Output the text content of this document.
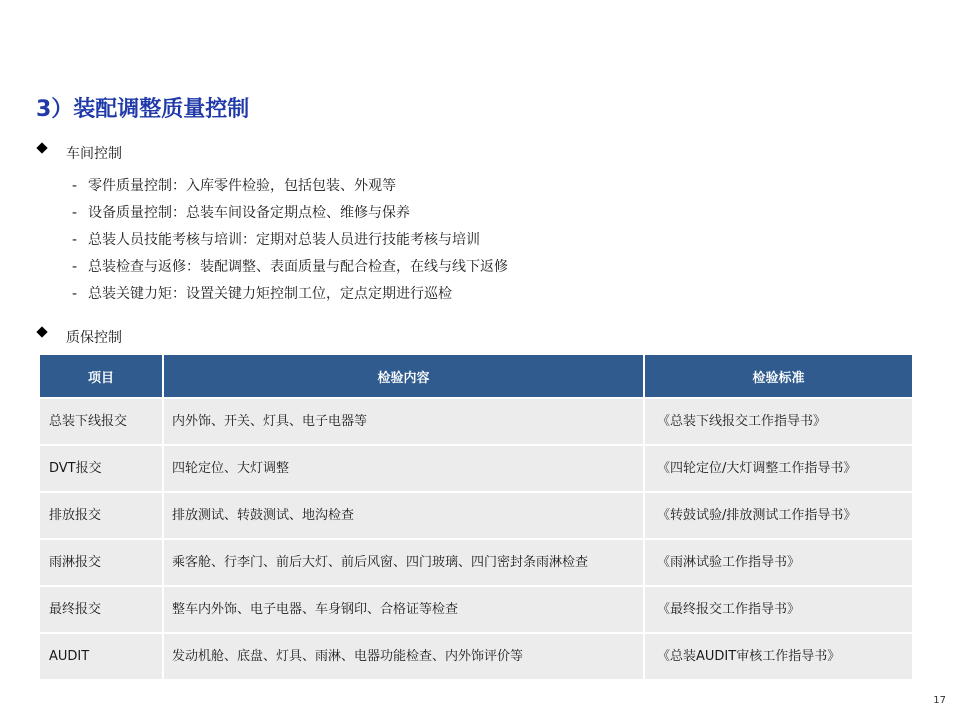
3）装配调整质量控制
车间控制
- 零件质量控制：入库零件检验，包括包装、外观等
- 设备质量控制：总装车间设备定期点检、维修与保养
- 总装人员技能考核与培训：定期对总装人员进行技能考核与培训
- 总装检查与返修：装配调整、表面质量与配合检查，在线与线下返修
- 总装关键力矩：设置关键力矩控制工位，定点定期进行巡检
质保控制
项目	检验内容	检验标准
总装下线报交	内外饰、开关、灯具、电子电器等	《总装下线报交工作指导书》
DVT报交	四轮定位、大灯调整	《四轮定位/大灯调整工作指导书》
排放报交	排放测试、转鼓测试、地沟检查	《转鼓试验/排放测试工作指导书》
雨淋报交	乘客舱、行李门、前后大灯、前后风窗、四门玻璃、四门密封条雨淋检查	《雨淋试验工作指导书》
最终报交	整车内外饰、电子电器、车身钢印、合格证等检查	《最终报交工作指导书》
AUDIT	发动机舱、底盘、灯具、雨淋、电器功能检查、内外饰评价等	《总装AUDIT审核工作指导书》
17
